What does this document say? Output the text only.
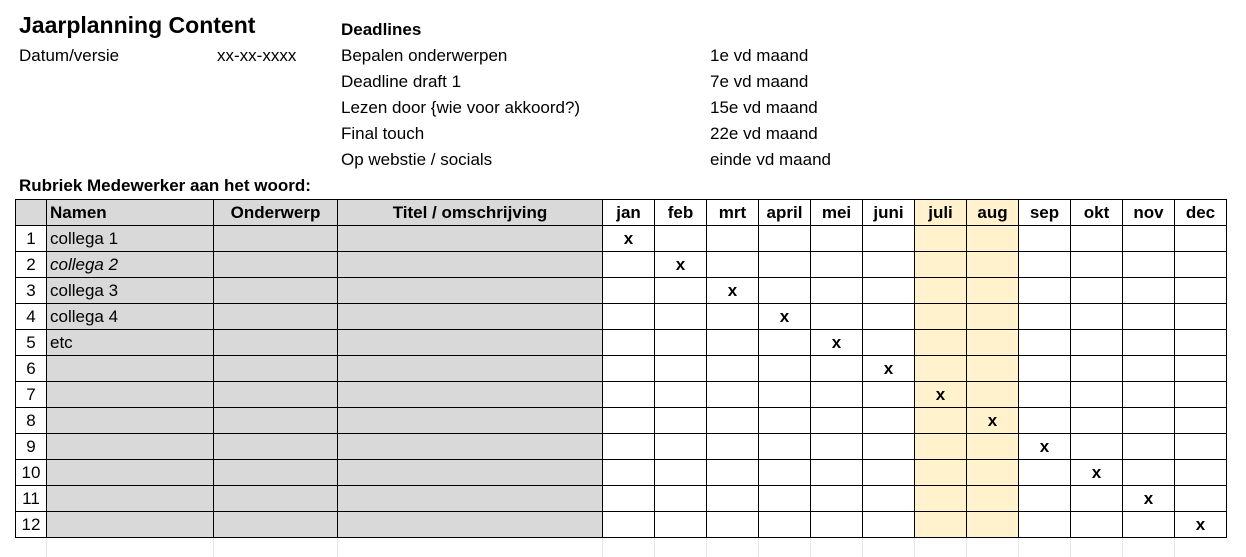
Jaarplanning Content
Datum/versie	xx-xx-xxxx
Deadlines
Bepalen onderwerpen	1e vd maand
Deadline draft 1	7e vd maand
Lezen door {wie voor akkoord?)	15e vd maand
Final touch	22e vd maand
Op webstie / socials	einde vd maand
Rubriek Medewerker aan het woord:
	Namen	Onderwerp	Titel / omschrijving	jan	feb	mrt	april	mei	juni	juli	aug	sep	okt	nov	dec
1	collega 1			x											
2	collega 2				x										
3	collega 3					x									
4	collega 4						x								
5	etc							x							
6									x						
7										x					
8											x				
9												x			
10													x		
11														x	
12															x
